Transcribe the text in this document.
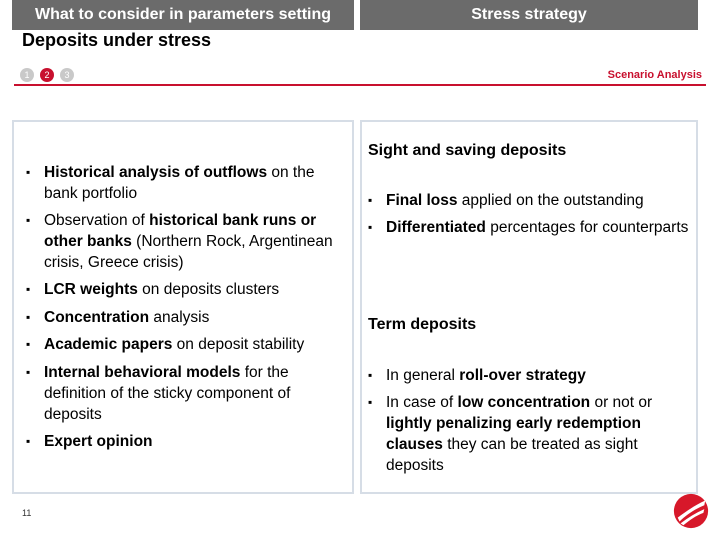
Deposits under stress
1	2	3	Scenario Analysis
What to consider in parameters setting	Stress strategy
▪ Historical analysis of outflows on the bank portfolio
▪ Observation of historical bank runs or other banks (Northern Rock, Argentinean crisis, Greece crisis)
▪ LCR weights on deposits clusters
▪ Concentration analysis
▪ Academic papers on deposit stability
▪ Internal behavioral models for the definition of the sticky component of deposits
▪ Expert opinion
Sight and saving deposits
▪ Final loss applied on the outstanding
▪ Differentiated percentages for counterparts
Term deposits
▪ In general roll-over strategy
▪ In case of low concentration or not or lightly penalizing early redemption clauses they can be treated as sight deposits
11
